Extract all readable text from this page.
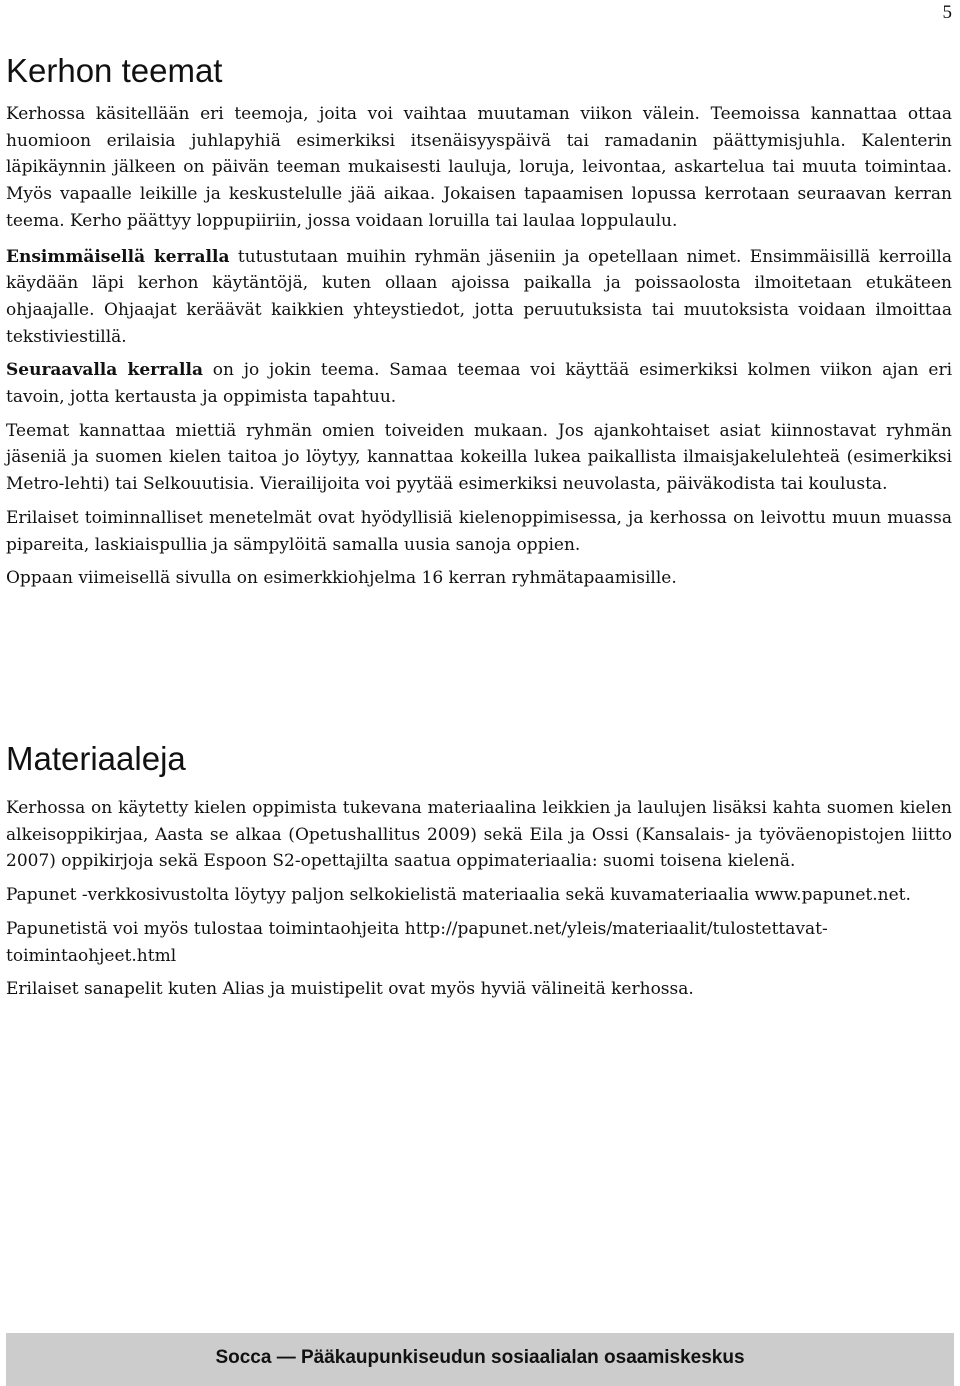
5
Kerhon teemat

Kerhossa käsitellään eri teemoja, joita voi vaihtaa muutaman viikon välein. Teemoissa kannattaa ottaa huomioon erilaisia juhlapyhiä esimerkiksi itsenäisyyspäivä tai ramadanin päättymisjuhla. Kalenterin läpikäynnin jälkeen on päivän teeman mukaisesti lauluja, loruja, leivontaa, askartelua tai muuta toimintaa. Myös vapaalle leikille ja keskustelulle jää aikaa. Jokaisen tapaamisen lopussa kerrotaan seuraavan kerran teema. Kerho päättyy loppupiiriin, jossa voidaan loruilla tai laulaa loppulaulu.

Ensimmäisellä kerralla tutustutaan muihin ryhmän jäseniin ja opetellaan nimet. Ensimmäisillä kerroilla käydään läpi kerhon käytäntöjä, kuten ollaan ajoissa paikalla ja poissaolosta ilmoitetaan etukäteen ohjaajalle. Ohjaajat keräävät kaikkien yhteystiedot, jotta peruutuksista tai muutoksista voidaan ilmoittaa tekstiviestillä.

Seuraavalla kerralla on jo jokin teema. Samaa teemaa voi käyttää esimerkiksi kolmen viikon ajan eri tavoin, jotta kertausta ja oppimista tapahtuu.

Teemat kannattaa miettiä ryhmän omien toiveiden mukaan. Jos ajankohtaiset asiat kiinnostavat ryhmän jäseniä ja suomen kielen taitoa jo löytyy, kannattaa kokeilla lukea paikallista ilmaisjakelulehteä (esimerkiksi Metro-lehti) tai Selkouutisia. Vierailijoita voi pyytää esimerkiksi neuvolasta, päiväkodista tai koulusta.

Erilaiset toiminnalliset menetelmät ovat hyödyllisiä kielenoppimisessa, ja kerhossa on leivottu muun muassa pipareita, laskiaispullia ja sämpylöitä samalla uusia sanoja oppien.

Oppaan viimeisellä sivulla on esimerkkiohjelma 16 kerran ryhmätapaamisille.

Materiaaleja

Kerhossa on käytetty kielen oppimista tukevana materiaalina leikkien ja laulujen lisäksi kahta suomen kielen alkeisoppikirjaa, Aasta se alkaa (Opetushallitus 2009) sekä Eila ja Ossi (Kansalais- ja työväenopistojen liitto 2007) oppikirjoja sekä Espoon S2-opettajilta saatua oppimateriaalia: suomi toisena kielenä.

Papunet -verkkosivustolta löytyy paljon selkokielistä materiaalia sekä kuvamateriaalia www.papunet.net.

Papunetistä voi myös tulostaa toimintaohjeita http://papunet.net/yleis/materiaalit/tulostettavat-toimintaohjeet.html

Erilaiset sanapelit kuten Alias ja muistipelit ovat myös hyviä välineitä kerhossa.

Socca — Pääkaupunkiseudun sosiaalialan osaamiskeskus
